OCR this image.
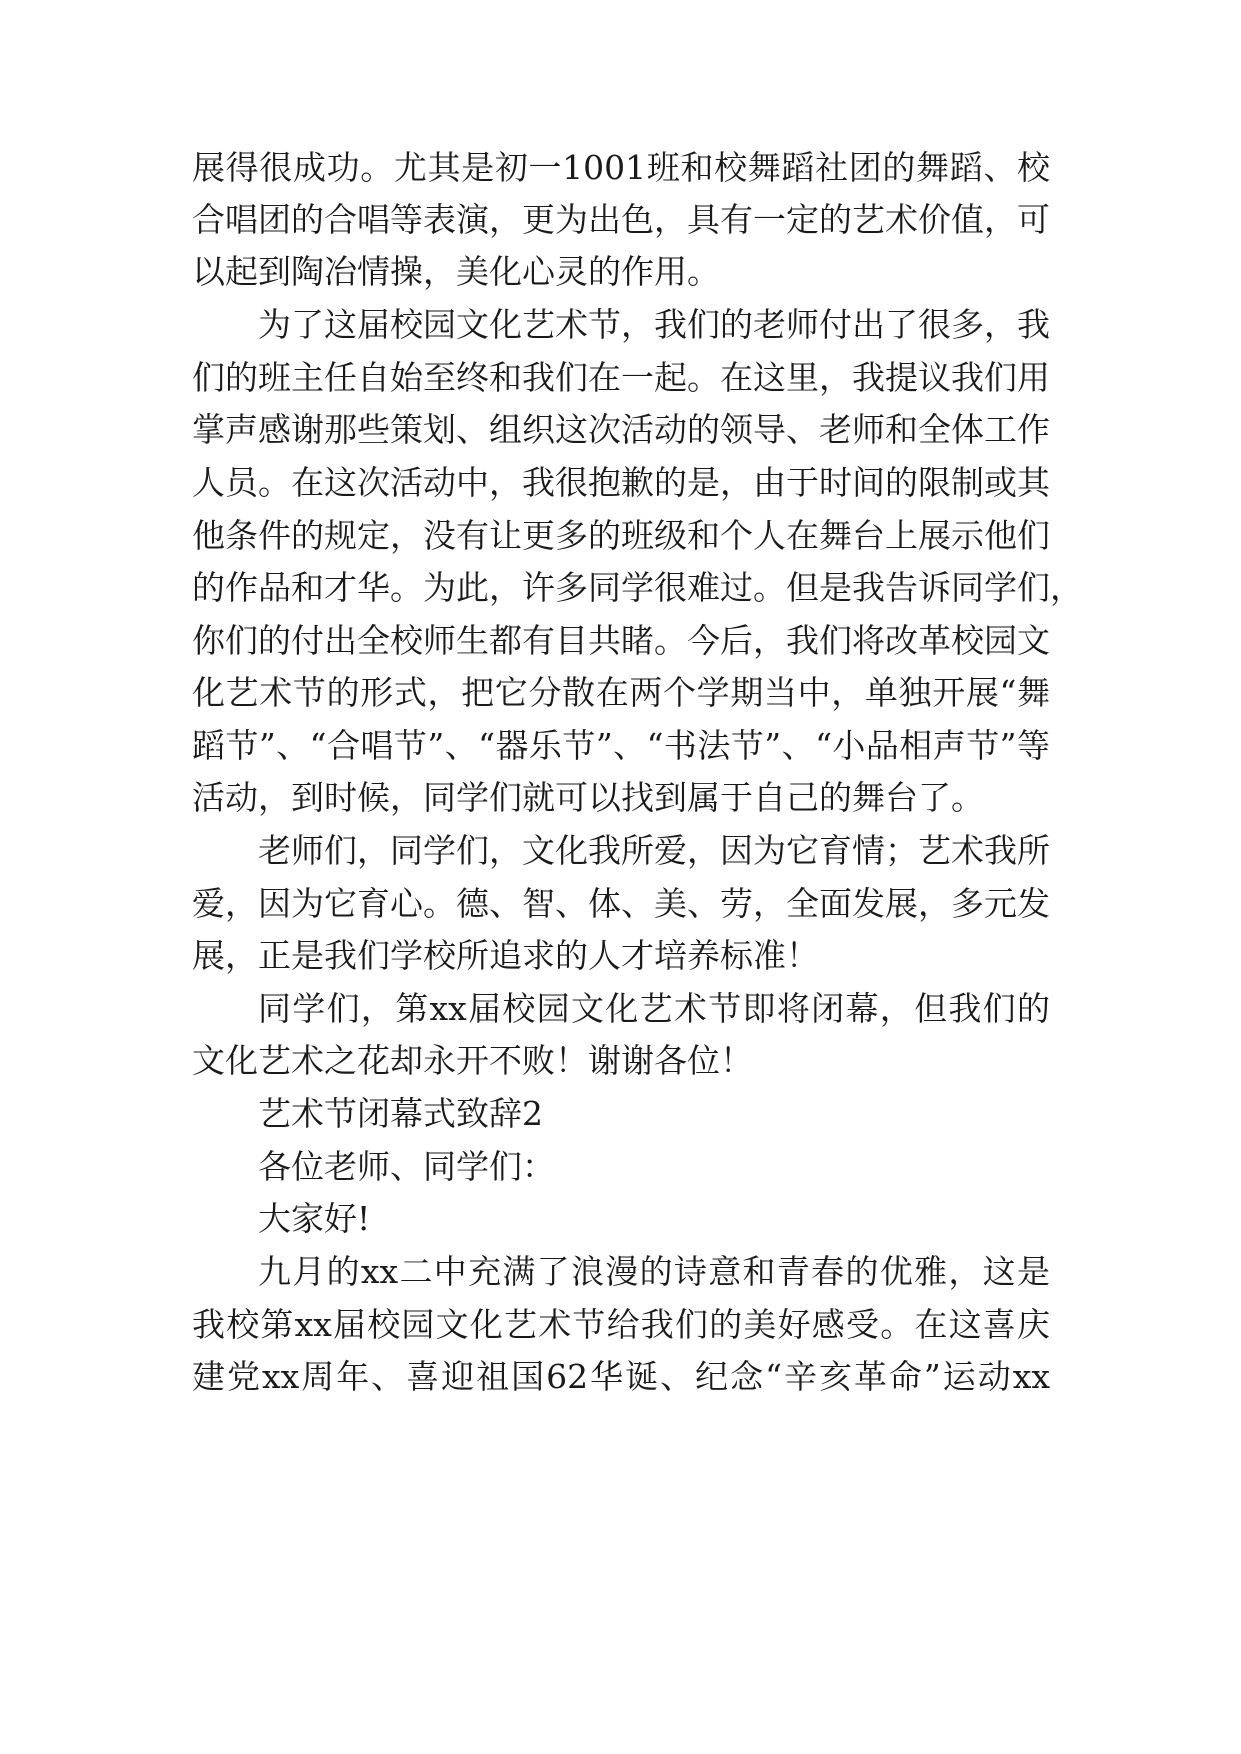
展得很成功。尤其是初一1001班和校舞蹈社团的舞蹈、校
合唱团的合唱等表演，更为出色，具有一定的艺术价值，可
以起到陶冶情操，美化心灵的作用。
为了这届校园文化艺术节，我们的老师付出了很多，我
们的班主任自始至终和我们在一起。在这里，我提议我们用
掌声感谢那些策划、组织这次活动的领导、老师和全体工作
人员。在这次活动中，我很抱歉的是，由于时间的限制或其
他条件的规定，没有让更多的班级和个人在舞台上展示他们
的作品和才华。为此，许多同学很难过。但是我告诉同学们，
你们的付出全校师生都有目共睹。今后，我们将改革校园文
化艺术节的形式，把它分散在两个学期当中，单独开展“舞
蹈节”、“合唱节”、“器乐节”、“书法节”、“小品相声节”等
活动，到时候，同学们就可以找到属于自己的舞台了。
老师们，同学们，文化我所爱，因为它育情；艺术我所
爱，因为它育心。德、智、体、美、劳，全面发展，多元发
展，正是我们学校所追求的人才培养标准！
同学们，第xx届校园文化艺术节即将闭幕，但我们的
文化艺术之花却永开不败！谢谢各位！
艺术节闭幕式致辞2
各位老师、同学们：
大家好!
九月的xx二中充满了浪漫的诗意和青春的优雅，这是
我校第xx届校园文化艺术节给我们的美好感受。在这喜庆
建党xx周年、喜迎祖国62华诞、纪念“辛亥革命”运动xx
